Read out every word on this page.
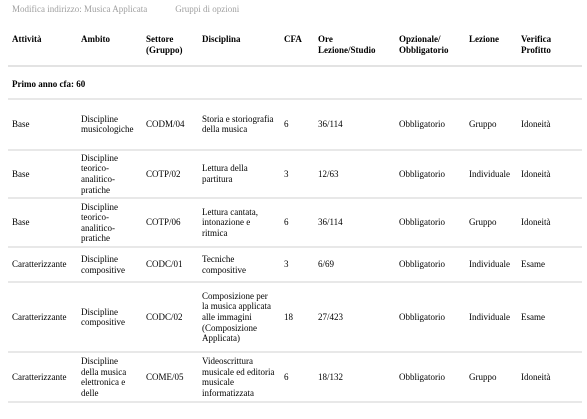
Modifica indirizzo: Musica Applicata	Gruppi di opzioni
Attività	Ambito	Settore (Gruppo)	Disciplina	CFA	Ore Lezione/Studio	Opzionale/ Obbligatorio	Lezione	Verifica Profitto
Primo anno cfa: 60								
Base	Discipline musicologiche	CODM/04	Storia e storiografia della musica	6	36/114	Obbligatorio	Gruppo	Idoneità
Base	Discipline teorico-analitico-pratiche	COTP/02	Lettura della partitura	3	12/63	Obbligatorio	Individuale	Idoneità
Base	Discipline teorico-analitico-pratiche	COTP/06	Lettura cantata, intonazione e ritmica	6	36/114	Obbligatorio	Gruppo	Idoneità
Caratterizzante	Discipline compositive	CODC/01	Tecniche compositive	3	6/69	Obbligatorio	Individuale	Esame
Caratterizzante	Discipline compositive	CODC/02	Composizione per la musica applicata alle immagini (Composizione Applicata)	18	27/423	Obbligatorio	Individuale	Esame
Caratterizzante	Discipline della musica elettronica e delle	COME/05	Videoscrittura musicale ed editoria musicale informatizzata	6	18/132	Obbligatorio	Gruppo	Idoneità
